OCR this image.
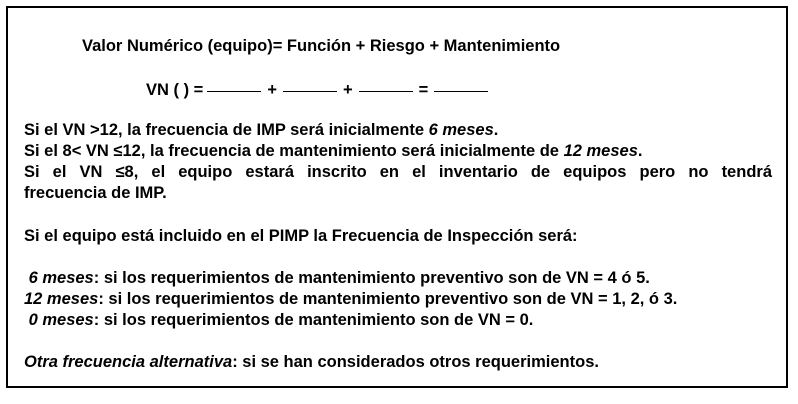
Valor Numérico (equipo)= Función + Riesgo + Mantenimiento
VN ( ) =	+	+	=
Si el VN >12, la frecuencia de IMP será inicialmente 6 meses.
Si el 8< VN ≤12, la frecuencia de mantenimiento será inicialmente de 12 meses.
Si el VN ≤8, el equipo estará inscrito en el inventario de equipos pero no tendrá
frecuencia de IMP.
Si el equipo está incluido en el PIMP la Frecuencia de Inspección será:
6 meses: si los requerimientos de mantenimiento preventivo son de VN = 4 ó 5.
12 meses: si los requerimientos de mantenimiento preventivo son de VN = 1, 2, ó 3.
0 meses: si los requerimientos de mantenimiento son de VN = 0.
Otra frecuencia alternativa: si se han considerados otros requerimientos.
